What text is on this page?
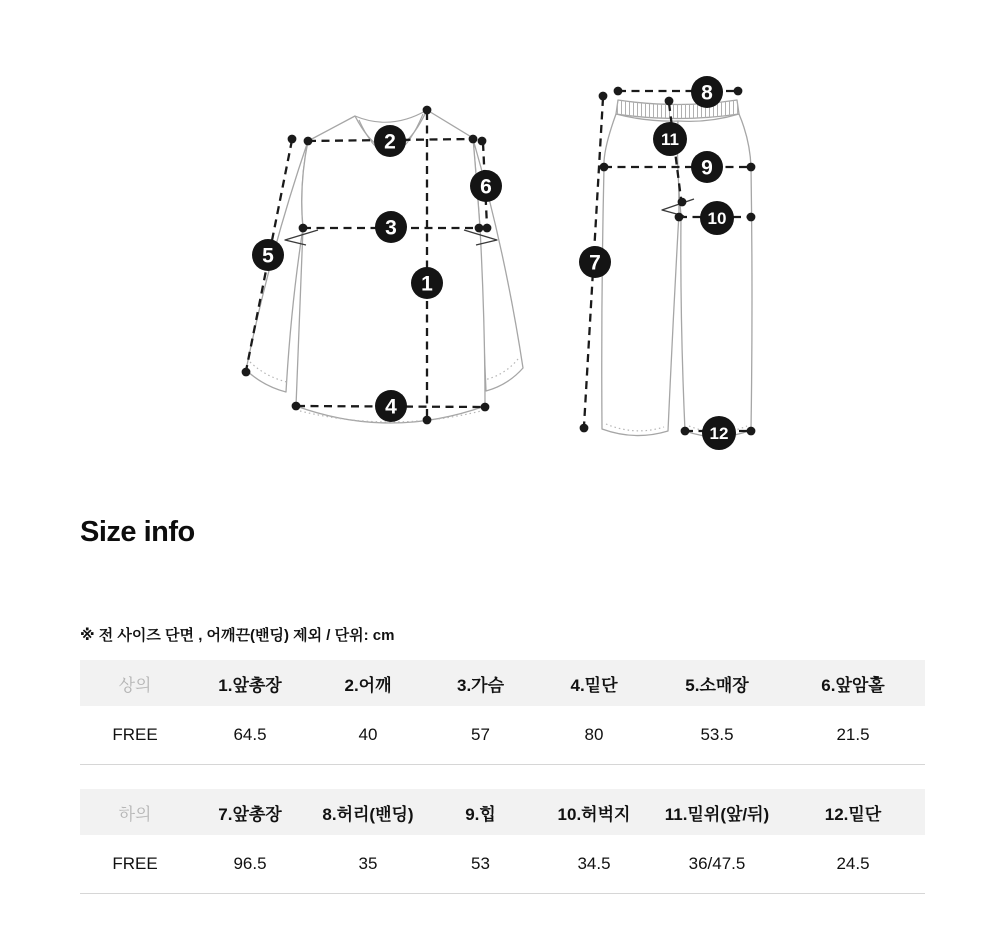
1
2
3
4
5
6
7
8
9
10
11
12
Size info
※ 전 사이즈 단면 , 어깨끈(밴딩) 제외 / 단위: cm
상의	1.앞총장	2.어깨	3.가슴	4.밑단	5.소매장	6.앞암홀
FREE	64.5	40	57	80	53.5	21.5
하의	7.앞총장	8.허리(밴딩)	9.힙	10.허벅지	11.밑위(앞/뒤)	12.밑단
FREE	96.5	35	53	34.5	36/47.5	24.5
